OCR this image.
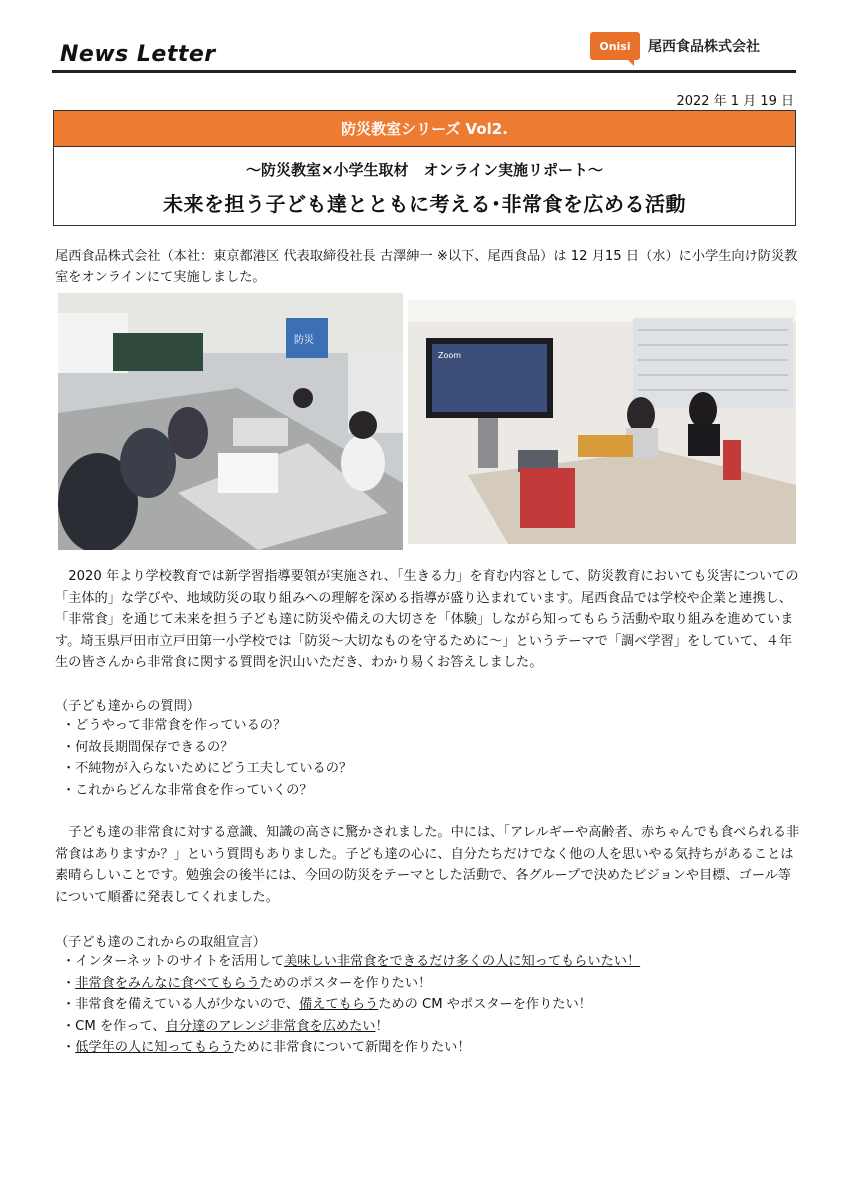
News Letter	Onisi	尾西食品株式会社
2022 年 1 月 19 日
防災教室シリーズ Vol2.
～防災教室×小学生取材　オンライン実施リポート～
未来を担う子ども達とともに考える･非常食を広める活動
尾西食品株式会社（本社：東京都港区 代表取締役社長 古澤紳一 ※以下、尾西食品）は 12 月15 日（水）に小学生向け防災教室をオンラインにて実施しました。
防災
Zoom
2020 年より学校教育では新学習指導要領が実施され、「生きる力」を育む内容として、防災教育においても災害についての「主体的」な学びや、地域防災の取り組みへの理解を深める指導が盛り込まれています。尾西食品では学校や企業と連携し、「非常食」を通じて未来を担う子ども達に防災や備えの大切さを「体験」しながら知ってもらう活動や取り組みを進めています。埼玉県戸田市立戸田第一小学校では「防災～大切なものを守るために～」というテーマで「調べ学習」をしていて、４年生の皆さんから非常食に関する質問を沢山いただき、わかり易くお答えしました。
（子ども達からの質問）
・どうやって非常食を作っているの？
・何故長期間保存できるの？
・不純物が入らないためにどう工夫しているの？
・これからどんな非常食を作っていくの？
子ども達の非常食に対する意識、知識の高さに驚かされました。中には、「アレルギーや高齢者、赤ちゃんでも食べられる非常食はありますか？」という質問もありました。子ども達の心に、自分たちだけでなく他の人を思いやる気持ちがあることは素晴らしいことです。勉強会の後半には、今回の防災をテーマとした活動で、各グループで決めたビジョンや目標、ゴール等について順番に発表してくれました。
（子ども達のこれからの取組宣言）
・インターネットのサイトを活用して美味しい非常食をできるだけ多くの人に知ってもらいたい！
・非常食をみんなに食べてもらうためのポスターを作りたい！
・非常食を備えている人が少ないので、備えてもらうための CM やポスターを作りたい！
・CM を作って、自分達のアレンジ非常食を広めたい！
・低学年の人に知ってもらうために非常食について新聞を作りたい！
